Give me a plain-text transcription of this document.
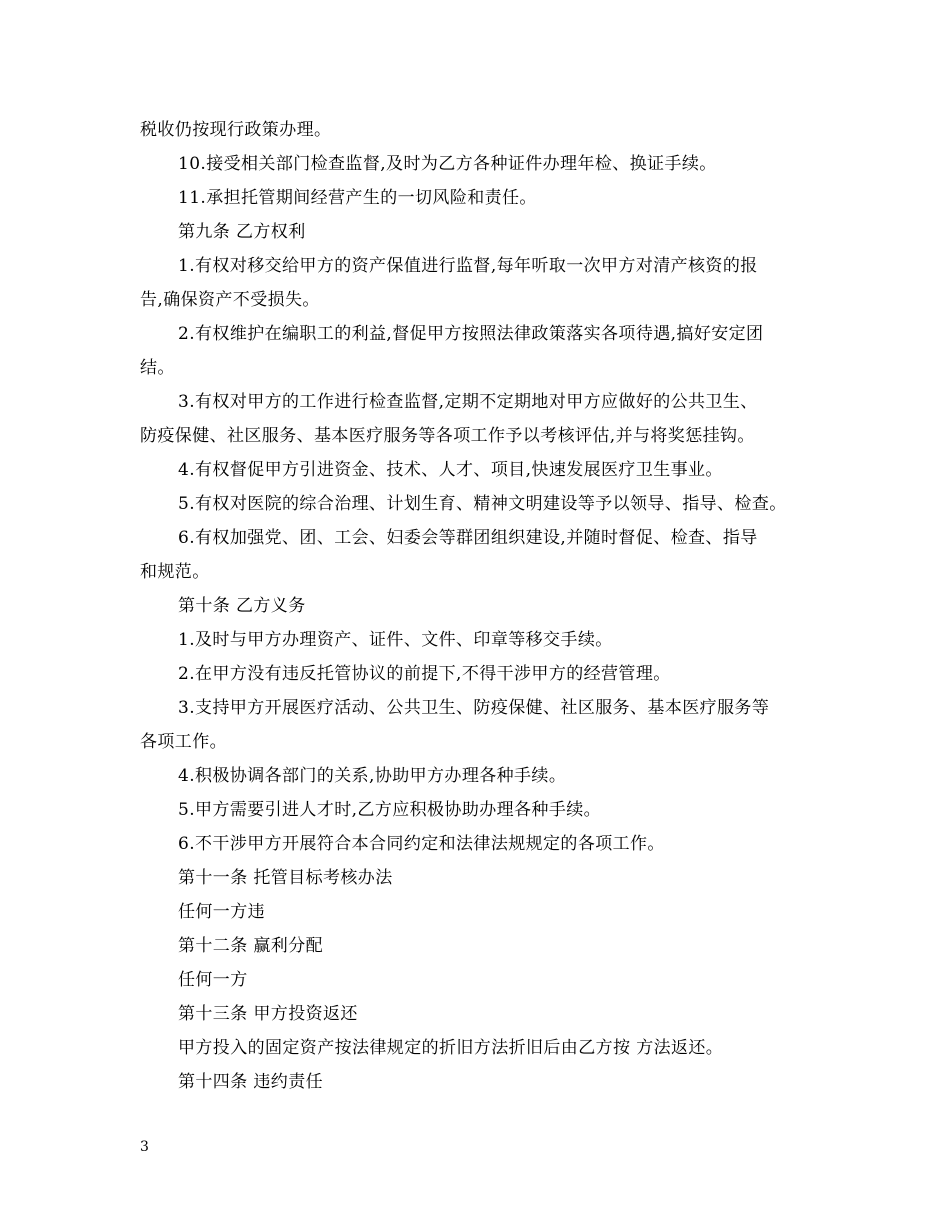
税收仍按现行政策办理。
10.接受相关部门检查监督,及时为乙方各种证件办理年检、换证手续。
11.承担托管期间经营产生的一切风险和责任。
第九条 乙方权利
1.有权对移交给甲方的资产保值进行监督,每年听取一次甲方对清产核资的报
告,确保资产不受损失。
2.有权维护在编职工的利益,督促甲方按照法律政策落实各项待遇,搞好安定团
结。
3.有权对甲方的工作进行检查监督,定期不定期地对甲方应做好的公共卫生、
防疫保健、社区服务、基本医疗服务等各项工作予以考核评估,并与将奖惩挂钩。
4.有权督促甲方引进资金、技术、人才、项目,快速发展医疗卫生事业。
5.有权对医院的综合治理、计划生育、精神文明建设等予以领导、指导、检查。
6.有权加强党、团、工会、妇委会等群团组织建设,并随时督促、检查、指导
和规范。
第十条 乙方义务
1.及时与甲方办理资产、证件、文件、印章等移交手续。
2.在甲方没有违反托管协议的前提下,不得干涉甲方的经营管理。
3.支持甲方开展医疗活动、公共卫生、防疫保健、社区服务、基本医疗服务等
各项工作。
4.积极协调各部门的关系,协助甲方办理各种手续。
5.甲方需要引进人才时,乙方应积极协助办理各种手续。
6.不干涉甲方开展符合本合同约定和法律法规规定的各项工作。
第十一条 托管目标考核办法
任何一方违
第十二条 赢利分配
任何一方
第十三条 甲方投资返还
甲方投入的固定资产按法律规定的折旧方法折旧后由乙方按 方法返还。
第十四条 违约责任
3
